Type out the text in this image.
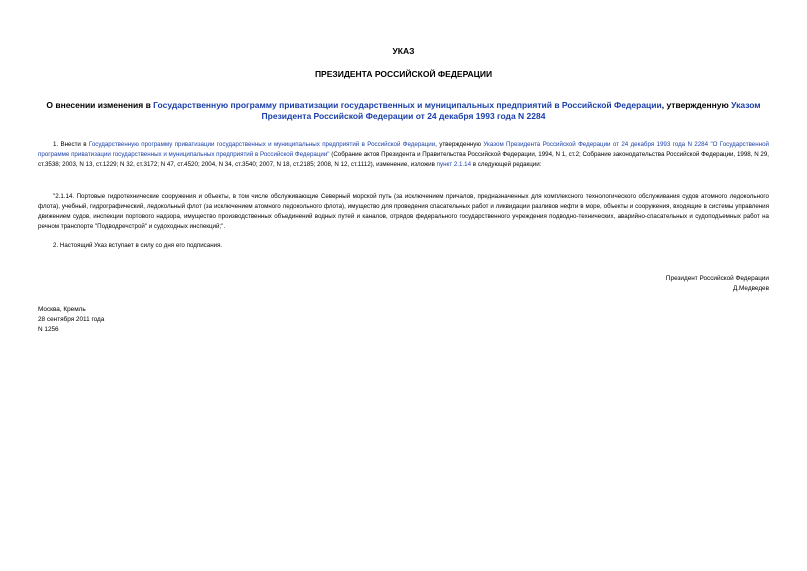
УКАЗ
ПРЕЗИДЕНТА РОССИЙСКОЙ ФЕДЕРАЦИИ
О внесении изменения в Государственную программу приватизации государственных и муниципальных предприятий в Российской Федерации, утвержденную Указом Президента Российской Федерации от 24 декабря 1993 года N 2284
1. Внести в Государственную программу приватизации государственных и муниципальных предприятий в Российской Федерации, утвержденную Указом Президента Российской Федерации от 24 декабря 1993 года N 2284 "О Государственной программе приватизации государственных и муниципальных предприятий в Российской Федерации" (Собрание актов Президента и Правительства Российской Федерации, 1994, N 1, ст.2; Собрание законодательства Российской Федерации, 1998, N 29, ст.3538; 2003, N 13, ст.1229; N 32, ст.3172; N 47, ст.4520; 2004, N 34, ст.3540; 2007, N 18, ст.2185; 2008, N 12, ст.1112), изменение, изложив пункт 2.1.14 в следующей редакции:
"2.1.14. Портовые гидротехнические сооружения и объекты, в том числе обслуживающие Северный морской путь (за исключением причалов, предназначенных для комплексного технологического обслуживания судов атомного ледокольного флота), учебный, гидрографический, ледокольный флот (за исключением атомного ледокольного флота), имущество для проведения спасательных работ и ликвидации разливов нефти в море, объекты и сооружения, входящие в системы управления движением судов, инспекции портового надзора, имущество производственных объединений водных путей и каналов, отрядов федерального государственного учреждения подводно-технических, аварийно-спасательных и судоподъемных работ на речном транспорте "Подводречстрой" и судоходных инспекций;".
2. Настоящий Указ вступает в силу со дня его подписания.
Президент Российской Федерации
Д.Медведев
Москва, Кремль
28 сентября 2011 года
N 1256
